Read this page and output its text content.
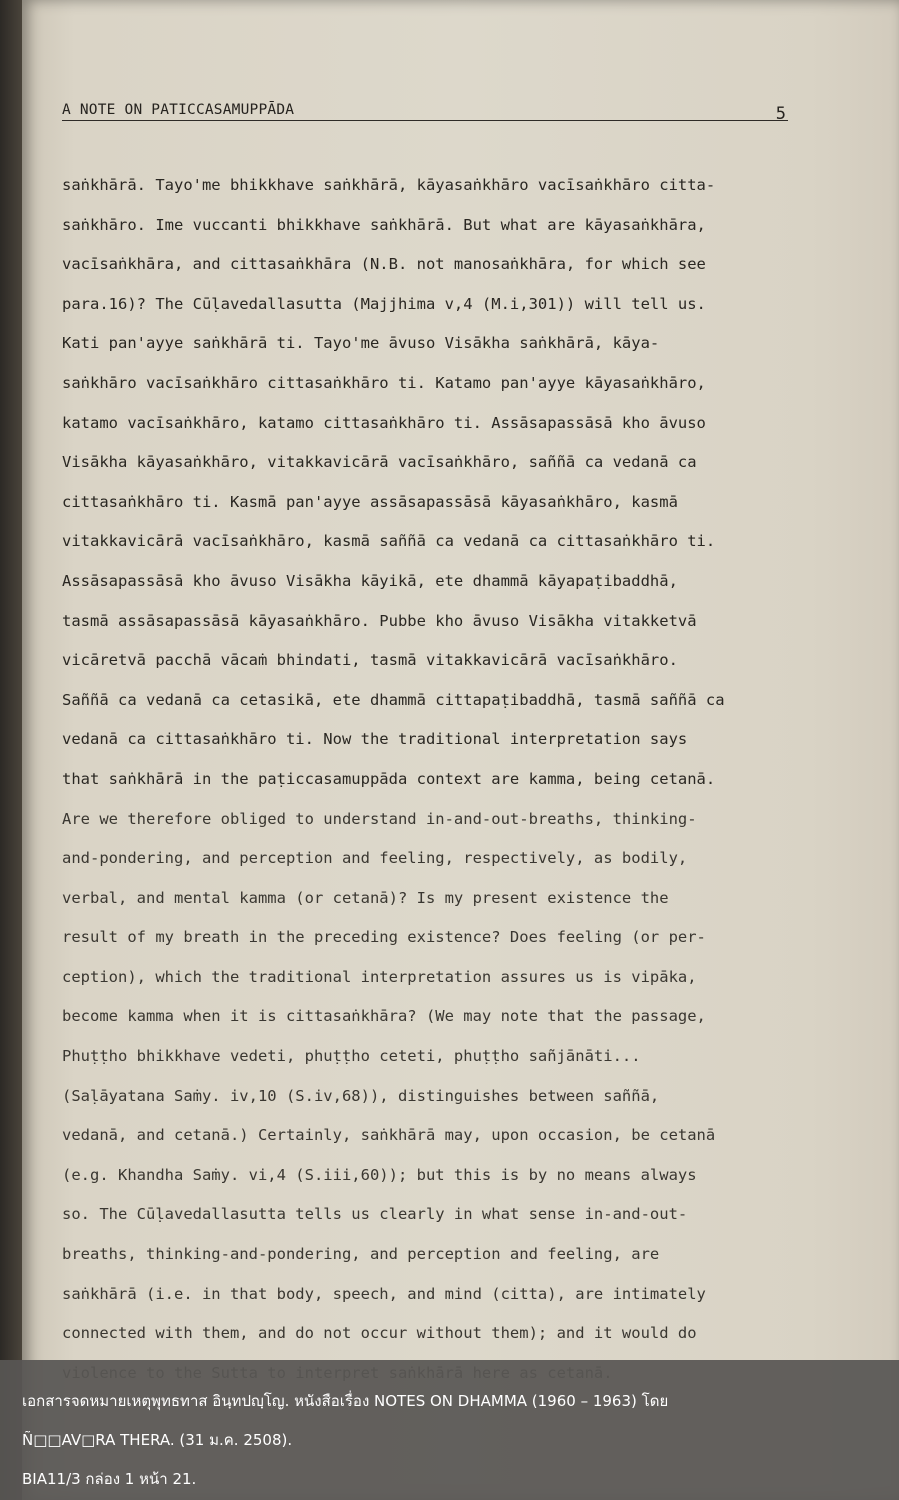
A NOTE ON PATICCASAMUPPĀDA	5
saṅkhārā. Tayo'me bhikkhave saṅkhārā, kāyasaṅkhāro vacīsaṅkhāro citta-
saṅkhāro. Ime vuccanti bhikkhave saṅkhārā. But what are kāyasaṅkhāra,
vacīsaṅkhāra, and cittasaṅkhāra (N.B. not manosaṅkhāra, for which see
para.16)? The Cūḷavedallasutta (Majjhima v,4 (M.i,301)) will tell us.
Kati pan'ayye saṅkhārā ti. Tayo'me āvuso Visākha saṅkhārā, kāya-
saṅkhāro vacīsaṅkhāro cittasaṅkhāro ti. Katamo pan'ayye kāyasaṅkhāro,
katamo vacīsaṅkhāro, katamo cittasaṅkhāro ti. Assāsapassāsā kho āvuso
Visākha kāyasaṅkhāro, vitakkavicārā vacīsaṅkhāro, saññā ca vedanā ca
cittasaṅkhāro ti. Kasmā pan'ayye assāsapassāsā kāyasaṅkhāro, kasmā
vitakkavicārā vacīsaṅkhāro, kasmā saññā ca vedanā ca cittasaṅkhāro ti.
Assāsapassāsā kho āvuso Visākha kāyikā, ete dhammā kāyapaṭibaddhā,
tasmā assāsapassāsā kāyasaṅkhāro. Pubbe kho āvuso Visākha vitakketvā
vicāretvā pacchā vācaṁ bhindati, tasmā vitakkavicārā vacīsaṅkhāro.
Saññā ca vedanā ca cetasikā, ete dhammā cittapaṭibaddhā, tasmā saññā ca
vedanā ca cittasaṅkhāro ti. Now the traditional interpretation says
that saṅkhārā in the paṭiccasamuppāda context are kamma, being cetanā.
Are we therefore obliged to understand in-and-out-breaths, thinking-
and-pondering, and perception and feeling, respectively, as bodily,
verbal, and mental kamma (or cetanā)? Is my present existence the
result of my breath in the preceding existence? Does feeling (or per-
ception), which the traditional interpretation assures us is vipāka,
become kamma when it is cittasaṅkhāra? (We may note that the passage,
Phuṭṭho bhikkhave vedeti, phuṭṭho ceteti, phuṭṭho sañjānāti...
(Saḷāyatana Saṁy. iv,10 (S.iv,68)), distinguishes between saññā,
vedanā, and cetanā.) Certainly, saṅkhārā may, upon occasion, be cetanā
(e.g. Khandha Saṁy. vi,4 (S.iii,60)); but this is by no means always
so. The Cūḷavedallasutta tells us clearly in what sense in-and-out-
breaths, thinking-and-pondering, and perception and feeling, are
saṅkhārā (i.e. in that body, speech, and mind (citta), are intimately
connected with them, and do not occur without them); and it would do
เอกสารจดหมายเหตุพุทธทาส อินฺทปญฺโญ. หนังสือเรื่อง NOTES ON DHAMMA (1960 – 1963) โดย
Ñ□□AV□RA THERA. (31 ม.ค. 2508).
BIA11/3 กล่อง 1 หน้า 21.
